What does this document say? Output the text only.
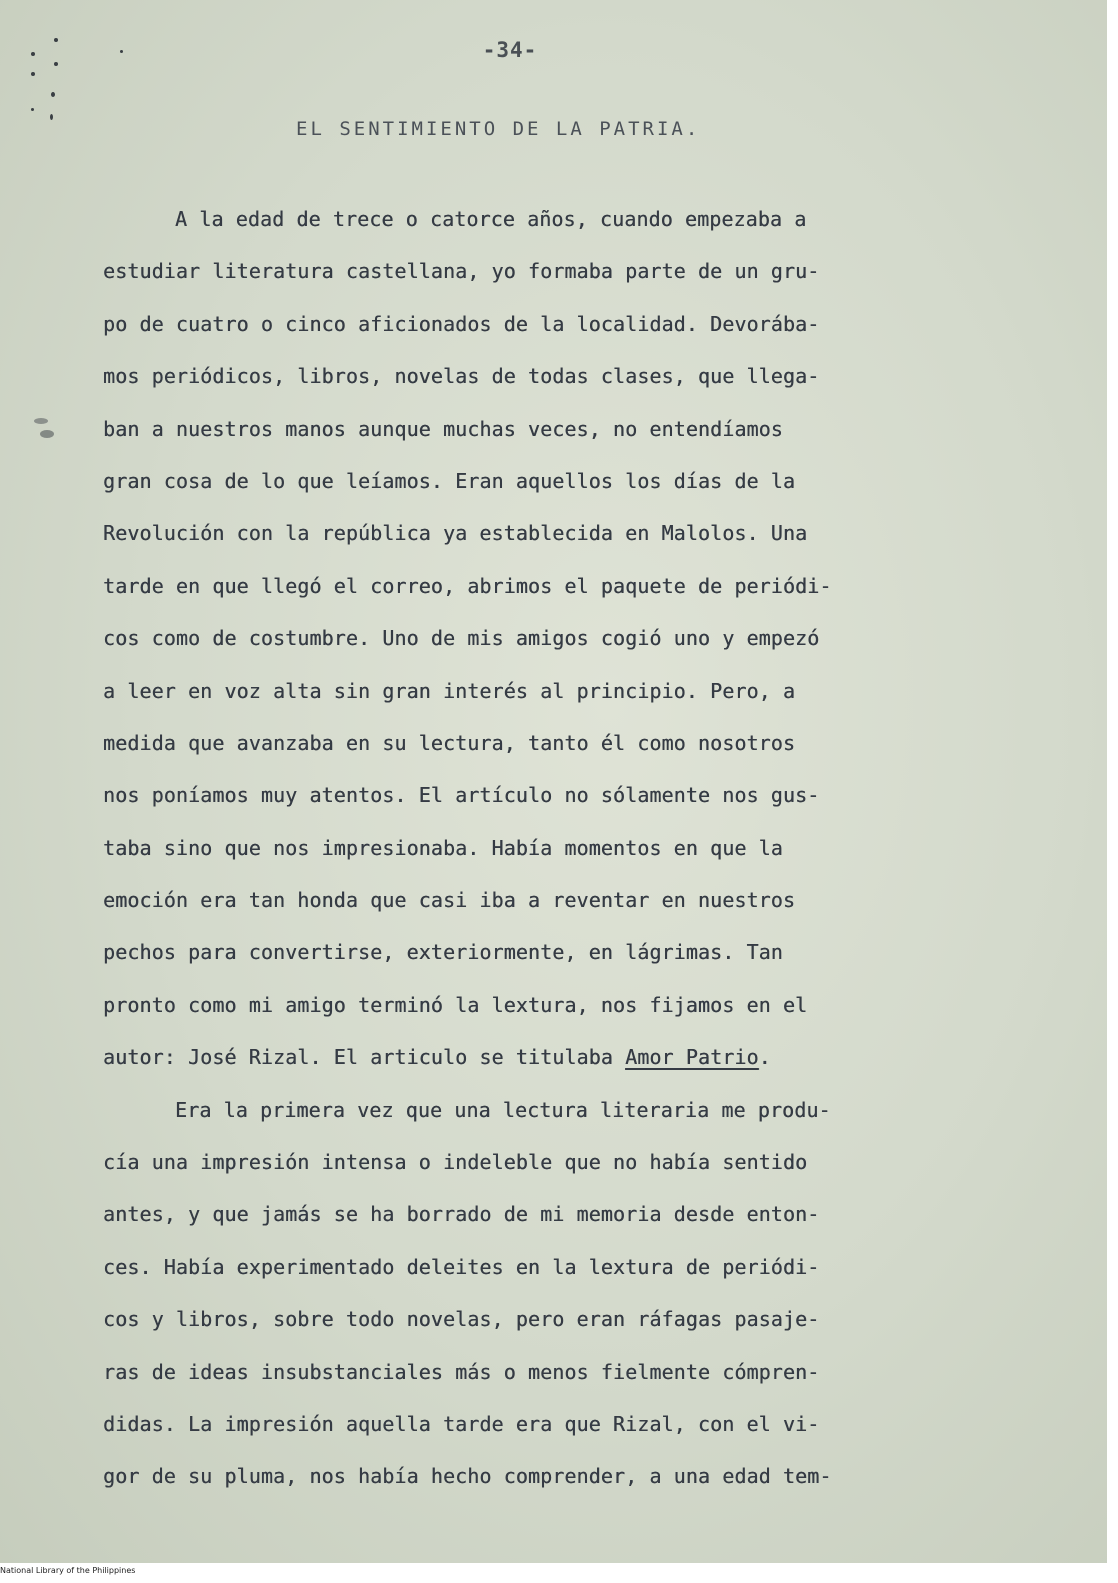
-34-

EL SENTIMIENTO DE LA PATRIA.
A la edad de trece o catorce años, cuando empezaba a
estudiar literatura castellana, yo formaba parte de un gru-
po de cuatro o cinco aficionados de la localidad. Devorába-
mos periódicos, libros, novelas de todas clases, que llega-
ban a nuestros manos aunque muchas veces, no entendíamos
gran cosa de lo que leíamos. Eran aquellos los días de la
Revolución con la república ya establecida en Malolos. Una
tarde en que llegó el correo, abrimos el paquete de periódi-
cos como de costumbre. Uno de mis amigos cogió uno y empezó
a leer en voz alta sin gran interés al principio. Pero, a
medida que avanzaba en su lectura, tanto él como nosotros
nos poníamos muy atentos. El artículo no sólamente nos gus-
taba sino que nos impresionaba. Había momentos en que la
emoción era tan honda que casi iba a reventar en nuestros
pechos para convertirse, exteriormente, en lágrimas. Tan
pronto como mi amigo terminó la lextura, nos fijamos en el
autor: José Rizal. El articulo se titulaba Amor Patrio.
Era la primera vez que una lectura literaria me produ-
cía una impresión intensa o indeleble que no había sentido
antes, y que jamás se ha borrado de mi memoria desde enton-
ces. Había experimentado deleites en la lextura de periódi-
cos y libros, sobre todo novelas, pero eran ráfagas pasaje-
ras de ideas insubstanciales más o menos fielmente cómpren-
didas. La impresión aquella tarde era que Rizal, con el vi-
gor de su pluma, nos había hecho comprender, a una edad tem-
National Library of the Philippines
